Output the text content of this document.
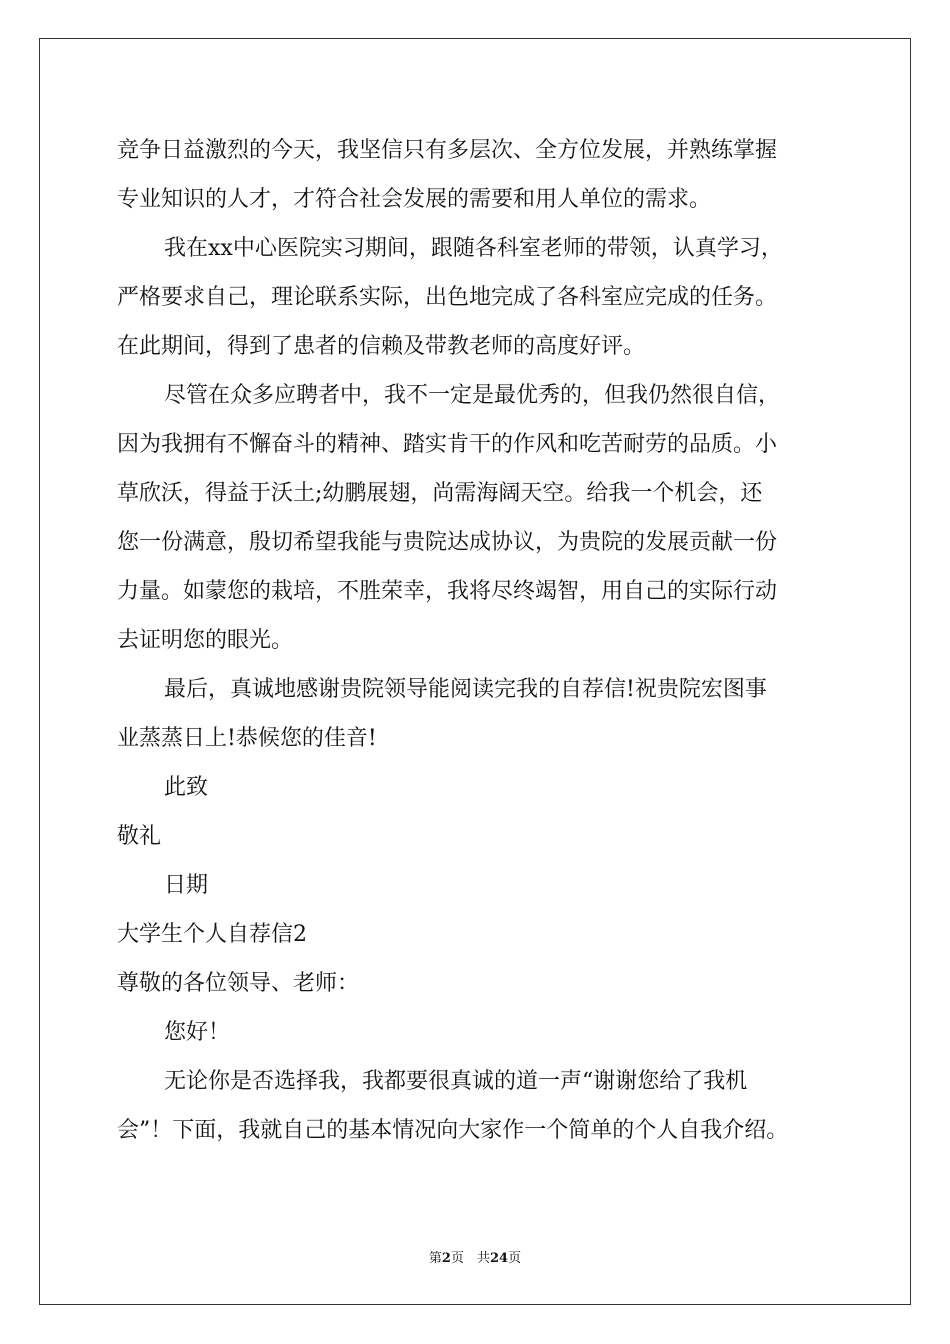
竞争日益激烈的今天，我坚信只有多层次、全方位发展，并熟练掌握
专业知识的人才，才符合社会发展的需要和用人单位的需求。
我在xx中心医院实习期间，跟随各科室老师的带领，认真学习，
严格要求自己，理论联系实际，出色地完成了各科室应完成的任务。
在此期间，得到了患者的信赖及带教老师的高度好评。
尽管在众多应聘者中，我不一定是最优秀的，但我仍然很自信，
因为我拥有不懈奋斗的精神、踏实肯干的作风和吃苦耐劳的品质。小
草欣沃，得益于沃土;幼鹏展翅，尚需海阔天空。给我一个机会，还
您一份满意，殷切希望我能与贵院达成协议，为贵院的发展贡献一份
力量。如蒙您的栽培，不胜荣幸，我将尽终竭智，用自己的实际行动
去证明您的眼光。
最后，真诚地感谢贵院领导能阅读完我的自荐信!祝贵院宏图事
业蒸蒸日上!恭候您的佳音!
此致
敬礼
日期
大学生个人自荐信2
尊敬的各位领导、老师：
您好！
无论你是否选择我，我都要很真诚的道一声“谢谢您给了我机
会”！下面，我就自己的基本情况向大家作一个简单的个人自我介绍。
第2页　共24页
